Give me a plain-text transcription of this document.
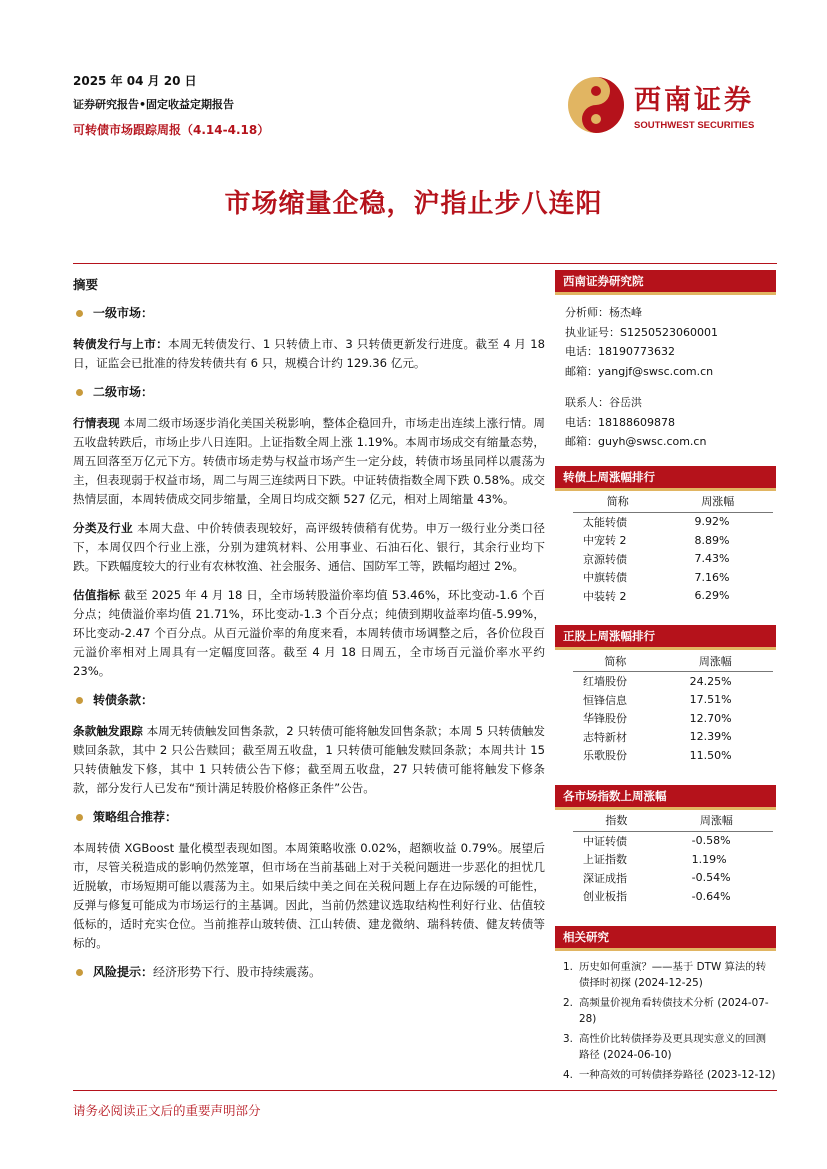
2025 年 04 月 20 日
证券研究报告•固定收益定期报告
可转债市场跟踪周报（4.14-4.18）
西南证券
SOUTHWEST SECURITIES
市场缩量企稳，沪指止步八连阳
摘要
一级市场：

转债发行与上市：本周无转债发行、1 只转债上市、3 只转债更新发行进度。截至 4 月 18 日，证监会已批准的待发转债共有 6 只，规模合计约 129.36 亿元。

二级市场：

行情表现 本周二级市场逐步消化美国关税影响，整体企稳回升，市场走出连续上涨行情。周五收盘转跌后，市场止步八日连阳。上证指数全周上涨 1.19%。本周市场成交有缩量态势，周五回落至万亿元下方。转债市场走势与权益市场产生一定分歧，转债市场虽同样以震荡为主，但表现弱于权益市场，周二与周三连续两日下跌。中证转债指数全周下跌 0.58%。成交热情层面，本周转债成交同步缩量，全周日均成交额 527 亿元，相对上周缩量 43%。

分类及行业 本周大盘、中价转债表现较好，高评级转债稍有优势。申万一级行业分类口径下，本周仅四个行业上涨，分别为建筑材料、公用事业、石油石化、银行，其余行业均下跌。下跌幅度较大的行业有农林牧渔、社会服务、通信、国防军工等，跌幅均超过 2%。

估值指标 截至 2025 年 4 月 18 日，全市场转股溢价率均值 53.46%，环比变动-1.6 个百分点；纯债溢价率均值 21.71%，环比变动-1.3 个百分点；纯债到期收益率均值-5.99%，环比变动-2.47 个百分点。从百元溢价率的角度来看，本周转债市场调整之后，各价位段百元溢价率相对上周具有一定幅度回落。截至 4 月 18 日周五，全市场百元溢价率水平约 23%。

转债条款：

条款触发跟踪 本周无转债触发回售条款，2 只转债可能将触发回售条款；本周 5 只转债触发赎回条款，其中 2 只公告赎回；截至周五收盘，1 只转债可能触发赎回条款；本周共计 15 只转债触发下修，其中 1 只转债公告下修；截至周五收盘，27 只转债可能将触发下修条款，部分发行人已发布“预计满足转股价格修正条件”公告。

策略组合推荐：

本周转债 XGBoost 量化模型表现如图。本周策略收涨 0.02%，超额收益 0.79%。展望后市，尽管关税造成的影响仍然笼罩，但市场在当前基础上对于关税问题进一步恶化的担忧几近脱敏，市场短期可能以震荡为主。如果后续中美之间在关税问题上存在边际缓的可能性，反弹与修复可能成为市场运行的主基调。因此，当前仍然建议选取结构性利好行业、估值较低标的，适时充实仓位。当前推荐山玻转债、江山转债、建龙微纳、瑞科转债、健友转债等标的。

风险提示：经济形势下行、股市持续震荡。
西南证券研究院
分析师：杨杰峰
执业证号：S1250523060001
电话：18190773632
邮箱：yangjf@swsc.com.cn
联系人：谷岳洪
电话：18188609878
邮箱：guyh@swsc.com.cn
转债上周涨幅排行
简称	周涨幅
太能转债	9.92%
中宠转 2	8.89%
京源转债	7.43%
中旗转债	7.16%
中装转 2	6.29%
正股上周涨幅排行
简称	周涨幅
红墙股份	24.25%
恒锋信息	17.51%
华锋股份	12.70%
志特新材	12.39%
乐歌股份	11.50%
各市场指数上周涨幅
指数	周涨幅
中证转债	-0.58%
上证指数	1.19%
深证成指	-0.54%
创业板指	-0.64%
相关研究
1. 历史如何重演？——基于 DTW 算法的转债择时初探 (2024-12-25)
2. 高频量价视角看转债技术分析 (2024-07-28)
3. 高性价比转债择券及更具现实意义的回测路径 (2024-06-10)
4. 一种高效的可转债择券路径 (2023-12-12)
请务必阅读正文后的重要声明部分
